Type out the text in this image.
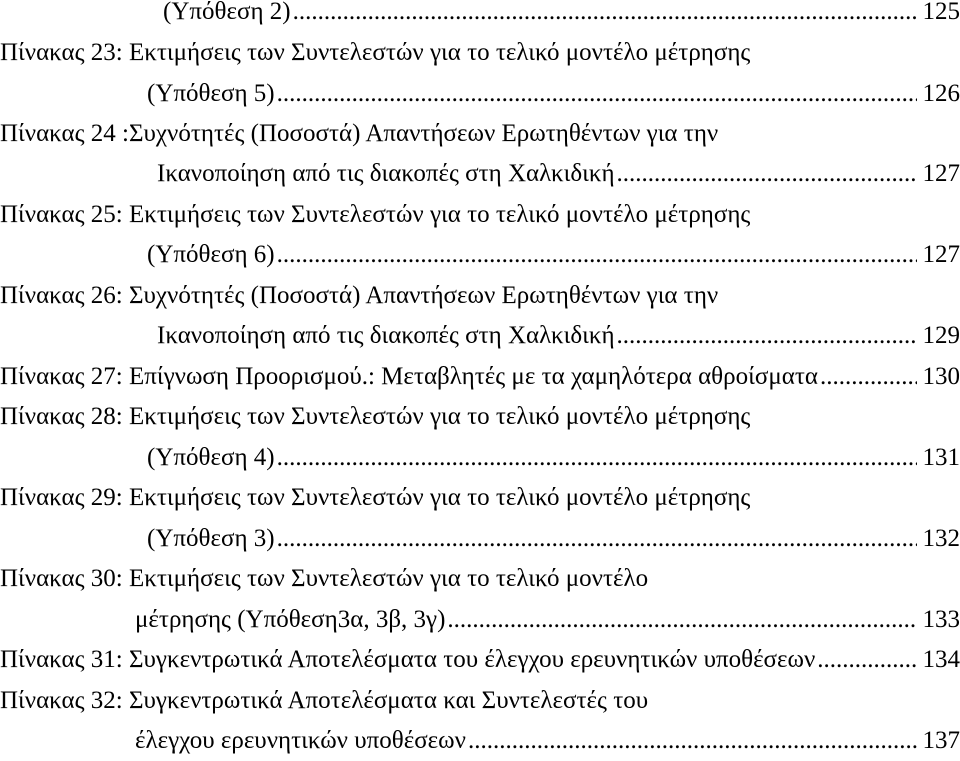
(Υπόθεση 2) .....	125
Πίνακας 23: Εκτιμήσεις των Συντελεστών για το τελικό μοντέλο μέτρησης
(Υπόθεση 5) .....	126
Πίνακας 24 :Συχνότητές (Ποσοστά) Απαντήσεων Ερωτηθέντων για την
Ικανοποίηση από τις διακοπές στη Χαλκιδική .....	127
Πίνακας 25: Εκτιμήσεις των Συντελεστών για το τελικό μοντέλο μέτρησης
(Υπόθεση 6) .....	127
Πίνακας 26: Συχνότητές (Ποσοστά) Απαντήσεων Ερωτηθέντων για την
Ικανοποίηση από τις διακοπές στη Χαλκιδική .....	129
Πίνακας 27: Επίγνωση Προορισμού.: Μεταβλητές με τα χαμηλότερα αθροίσματα .....	130
Πίνακας 28: Εκτιμήσεις των Συντελεστών για το τελικό μοντέλο μέτρησης
(Υπόθεση 4) .....	131
Πίνακας 29: Εκτιμήσεις των Συντελεστών για το τελικό μοντέλο μέτρησης
(Υπόθεση 3) .....	132
Πίνακας 30: Εκτιμήσεις των Συντελεστών για το τελικό μοντέλο
μέτρησης (Υπόθεση3α, 3β, 3γ) .....	133
Πίνακας 31: Συγκεντρωτικά Αποτελέσματα του έλεγχου ερευνητικών υποθέσεων .....	134
Πίνακας 32: Συγκεντρωτικά Αποτελέσματα και Συντελεστές του
έλεγχου ερευνητικών υποθέσεων .....	137
